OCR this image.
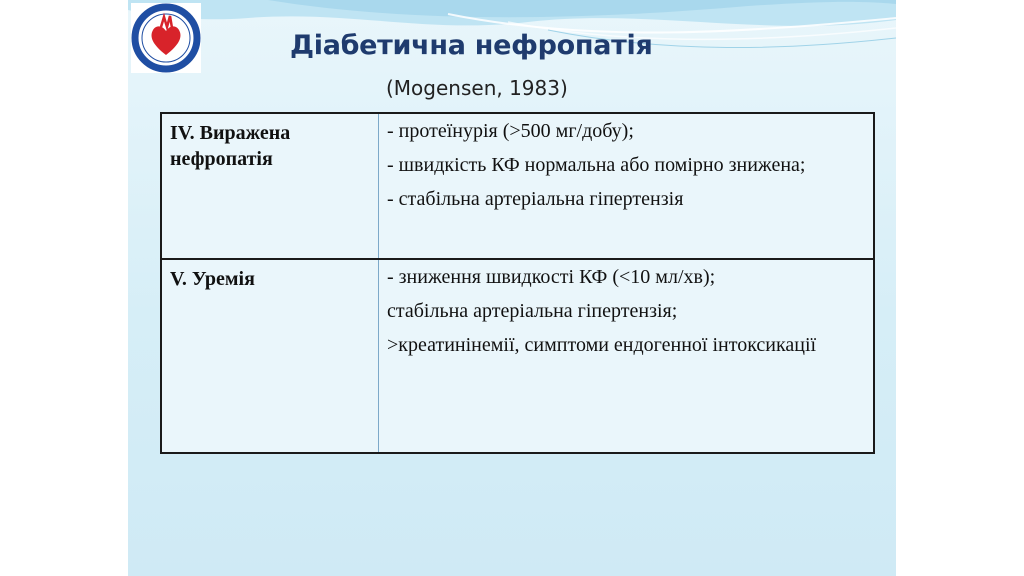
Діабетична нефропатія
(Mogensen, 1983)
IV. Виражена нефропатія	- протеїнурія (>500 мг/добу);
- швидкість КФ нормальна або помірно знижена;
- стабільна артеріальна гіпертензія

V. Уремія	- зниження швидкості КФ (<10 мл/хв);
стабільна артеріальна гіпертензія;
>креатинінемії, симптоми ендогенної інтоксикації
